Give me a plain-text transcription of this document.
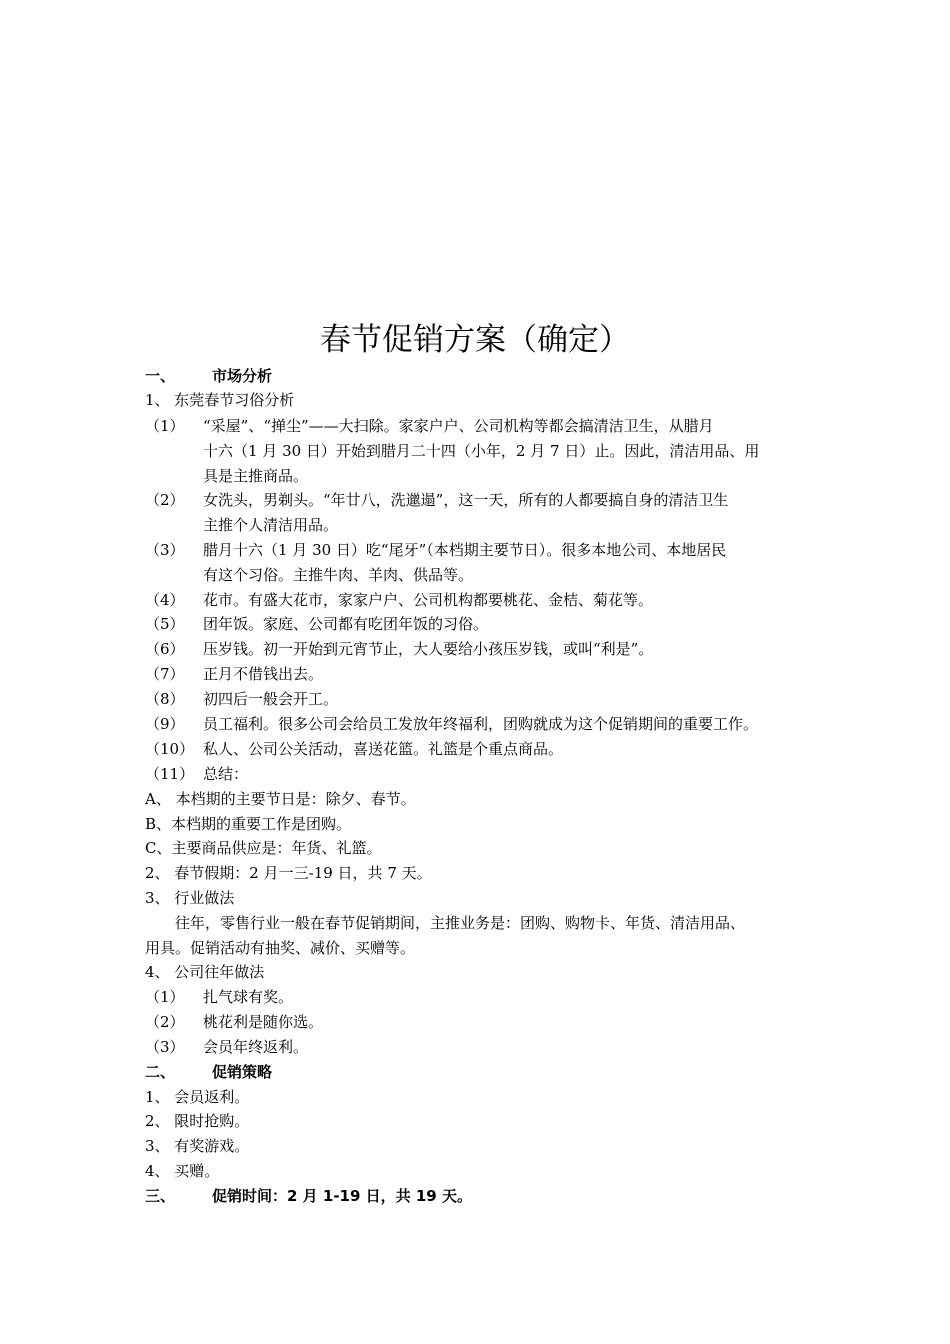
春节促销方案（确定）
一、 市场分析
1、 东莞春节习俗分析
（1） “采屋”、“掸尘”——大扫除。家家户户、公司机构等都会搞清洁卫生，从腊月
十六（1 月 30 日）开始到腊月二十四（小年，2 月 7 日）止。因此，清洁用品、用
具是主推商品。
（2） 女洗头，男剃头。“年廿八，洗邋遢”，这一天，所有的人都要搞自身的清洁卫生
主推个人清洁用品。
（3） 腊月十六（1 月 30 日）吃“尾牙”（本档期主要节日）。很多本地公司、本地居民
有这个习俗。主推牛肉、羊肉、供品等。
（4） 花市。有盛大花市，家家户户、公司机构都要桃花、金桔、菊花等。
（5） 团年饭。家庭、公司都有吃团年饭的习俗。
（6） 压岁钱。初一开始到元宵节止，大人要给小孩压岁钱，或叫“利是”。
（7） 正月不借钱出去。
（8） 初四后一般会开工。
（9） 员工福利。很多公司会给员工发放年终福利，团购就成为这个促销期间的重要工作。
（10） 私人、公司公关活动，喜送花篮。礼篮是个重点商品。
（11） 总结：
A、 本档期的主要节日是：除夕、春节。
B、本档期的重要工作是团购。
C、主要商品供应是：年货、礼篮。
2、 春节假期：2 月一三-19 日，共 7 天。
3、 行业做法
往年，零售行业一般在春节促销期间，主推业务是：团购、购物卡、年货、清洁用品、
用具。促销活动有抽奖、减价、买赠等。
4、 公司往年做法
（1） 扎气球有奖。
（2） 桃花利是随你选。
（3） 会员年终返利。
二、 促销策略
1、 会员返利。
2、 限时抢购。
3、 有奖游戏。
4、 买赠。
三、 促销时间：2 月 1-19 日，共 19 天。
